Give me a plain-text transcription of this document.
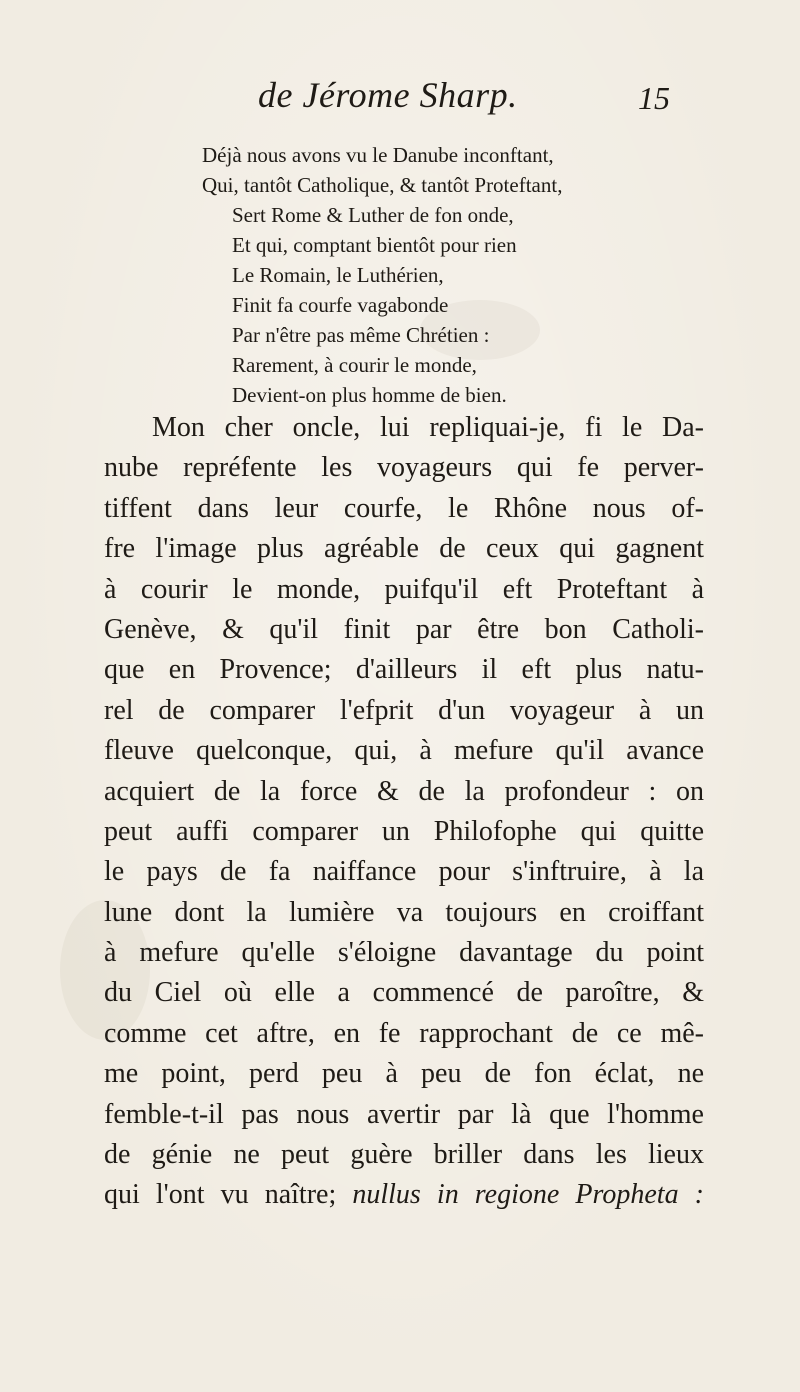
de Jérome Sharp.	15
Déjà nous avons vu le Danube inconftant,
Qui, tantôt Catholique, & tantôt Proteftant,
Sert Rome & Luther de fon onde,
Et qui, comptant bientôt pour rien
Le Romain, le Luthérien,
Finit fa courfe vagabonde
Par n'être pas même Chrétien :
Rarement, à courir le monde,
Devient-on plus homme de bien.
Mon cher oncle, lui repliquai-je, fi le Da-
nube repréfente les voyageurs qui fe perver-
tiffent dans leur courfe, le Rhône nous of-
fre l'image plus agréable de ceux qui gagnent
à courir le monde, puifqu'il eft Proteftant à
Genève, & qu'il finit par être bon Catholi-
que en Provence; d'ailleurs il eft plus natu-
rel de comparer l'efprit d'un voyageur à un
fleuve quelconque, qui, à mefure qu'il avance
acquiert de la force & de la profondeur : on
peut auffi comparer un Philofophe qui quitte
le pays de fa naiffance pour s'inftruire, à la
lune dont la lumière va toujours en croiffant
à mefure qu'elle s'éloigne davantage du point
du Ciel où elle a commencé de paroître, &
comme cet aftre, en fe rapprochant de ce mê-
me point, perd peu à peu de fon éclat, ne
femble-t-il pas nous avertir par là que l'homme
de génie ne peut guère briller dans les lieux
qui l'ont vu naître; nullus in regione Propheta :
